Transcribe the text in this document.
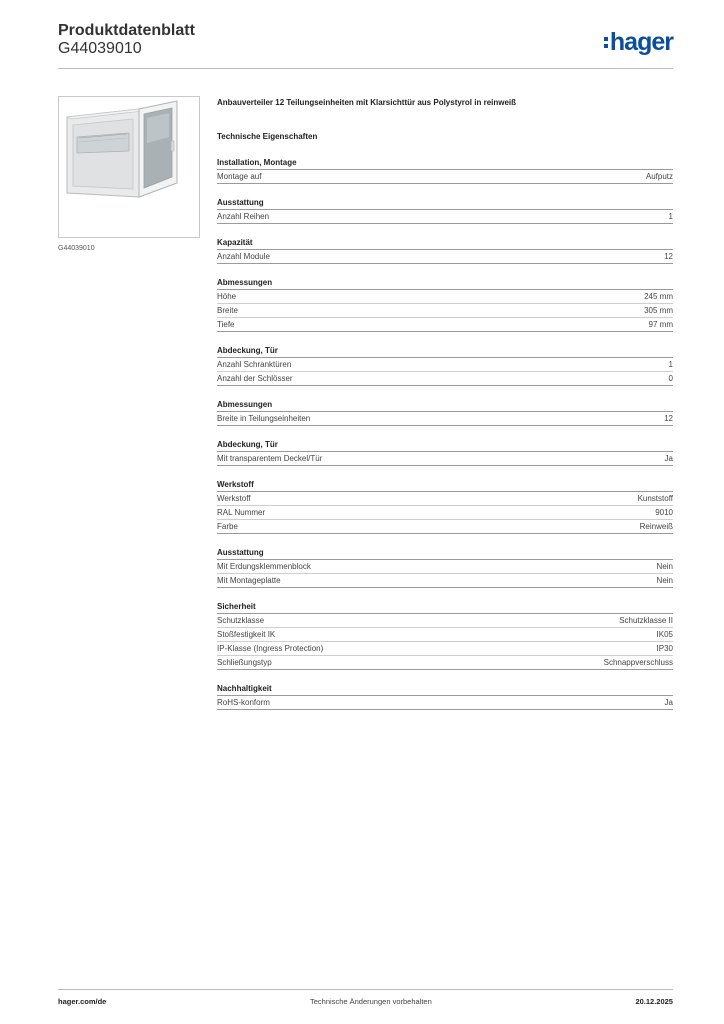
Produktdatenblatt
G44039010	hager
G44039010
Anbauverteiler 12 Teilungseinheiten mit Klarsichttür aus Polystyrol in reinweiß
Technische Eigenschaften
Installation, Montage
Montage auf	Aufputz
Ausstattung
Anzahl Reihen	1
Kapazität
Anzahl Module	12
Abmessungen
Höhe	245 mm
Breite	305 mm
Tiefe	97 mm
Abdeckung, Tür
Anzahl Schranktüren	1
Anzahl der Schlösser	0
Abmessungen
Breite in Teilungseinheiten	12
Abdeckung, Tür
Mit transparentem Deckel/Tür	Ja
Werkstoff
Werkstoff	Kunststoff
RAL Nummer	9010
Farbe	Reinweiß
Ausstattung
Mit Erdungsklemmenblock	Nein
Mit Montageplatte	Nein
Sicherheit
Schutzklasse	Schutzklasse II
Stoßfestigkeit IK	IK05
IP-Klasse (Ingress Protection)	IP30
Schließungstyp	Schnappverschluss
Nachhaltigkeit
RoHS-konform	Ja
hager.com/de	Technische Änderungen vorbehalten	20.12.2025
